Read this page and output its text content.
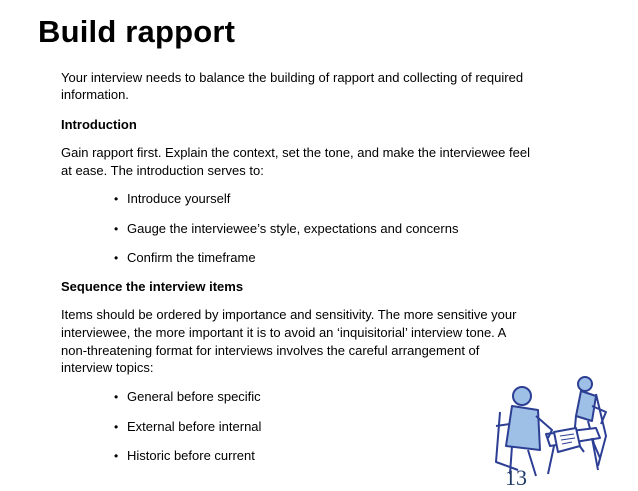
Build rapport
Your interview needs to balance the building of rapport and collecting of required
information.
Introduction
Gain rapport first. Explain the context, set the tone, and make the interviewee feel
at ease. The introduction serves to:
• Introduce yourself
• Gauge the interviewee’s style, expectations and concerns
• Confirm the timeframe
Sequence the interview items
Items should be ordered by importance and sensitivity. The more sensitive your
interviewee, the more important it is to avoid an ‘inquisitorial’ interview tone. A
non-threatening format for interviews involves the careful arrangement of
interview topics:
• General before specific
• External before internal
• Historic before current
13
